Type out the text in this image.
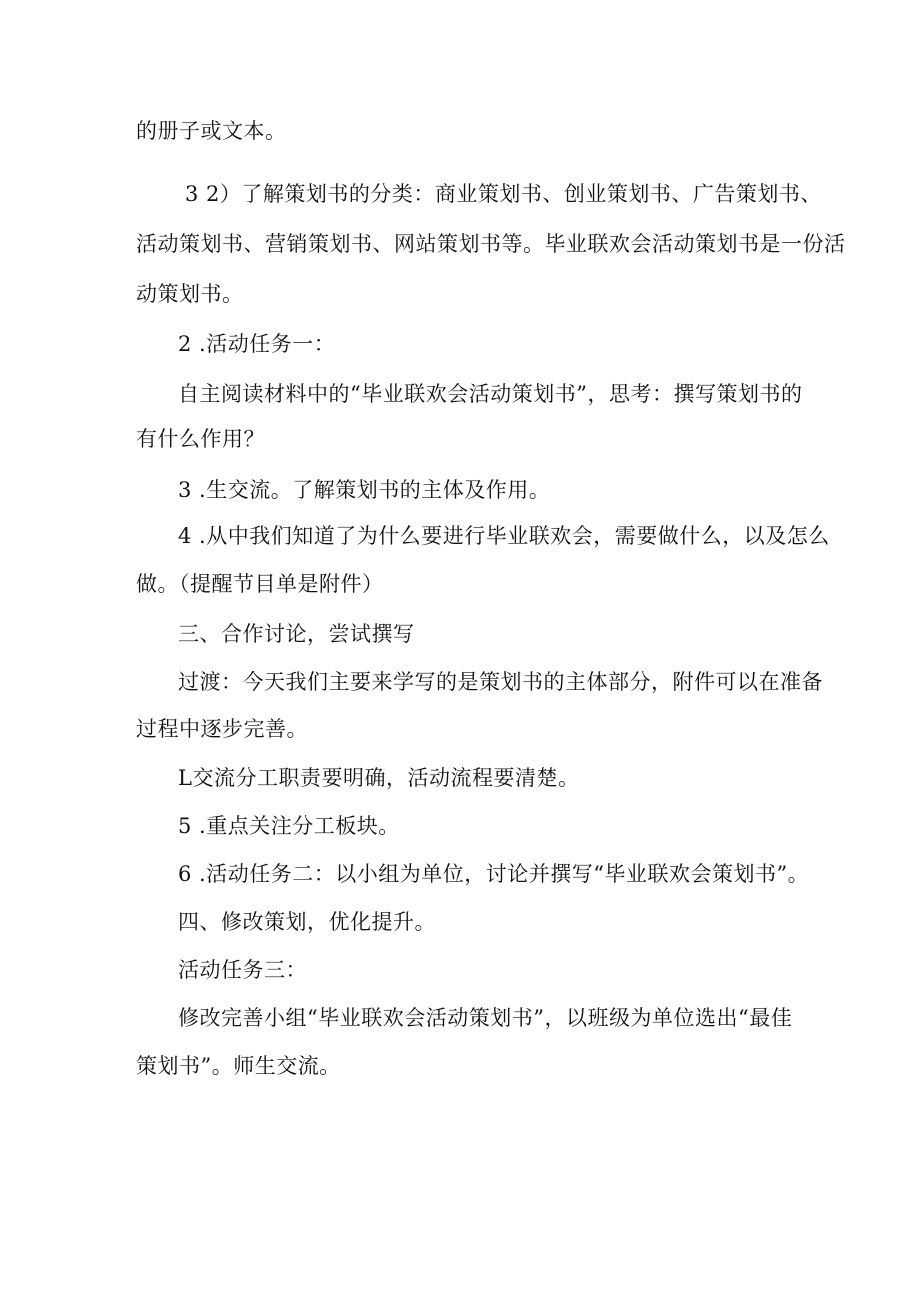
的册子或文本。
3 2）了解策划书的分类：商业策划书、创业策划书、广告策划书、
活动策划书、营销策划书、网站策划书等。毕业联欢会活动策划书是一份活
动策划书。
2 .活动任务一：
自主阅读材料中的“毕业联欢会活动策划书”，思考：撰写策划书的
有什么作用？
3 .生交流。了解策划书的主体及作用。
4 .从中我们知道了为什么要进行毕业联欢会，需要做什么，以及怎么
做。（提醒节目单是附件）
三、合作讨论，尝试撰写
过渡：今天我们主要来学写的是策划书的主体部分，附件可以在准备
过程中逐步完善。
L交流分工职责要明确，活动流程要清楚。
5 .重点关注分工板块。
6 .活动任务二：以小组为单位，讨论并撰写“毕业联欢会策划书”。
四、修改策划，优化提升。
活动任务三：
修改完善小组“毕业联欢会活动策划书”，以班级为单位选出“最佳
策划书”。师生交流。
